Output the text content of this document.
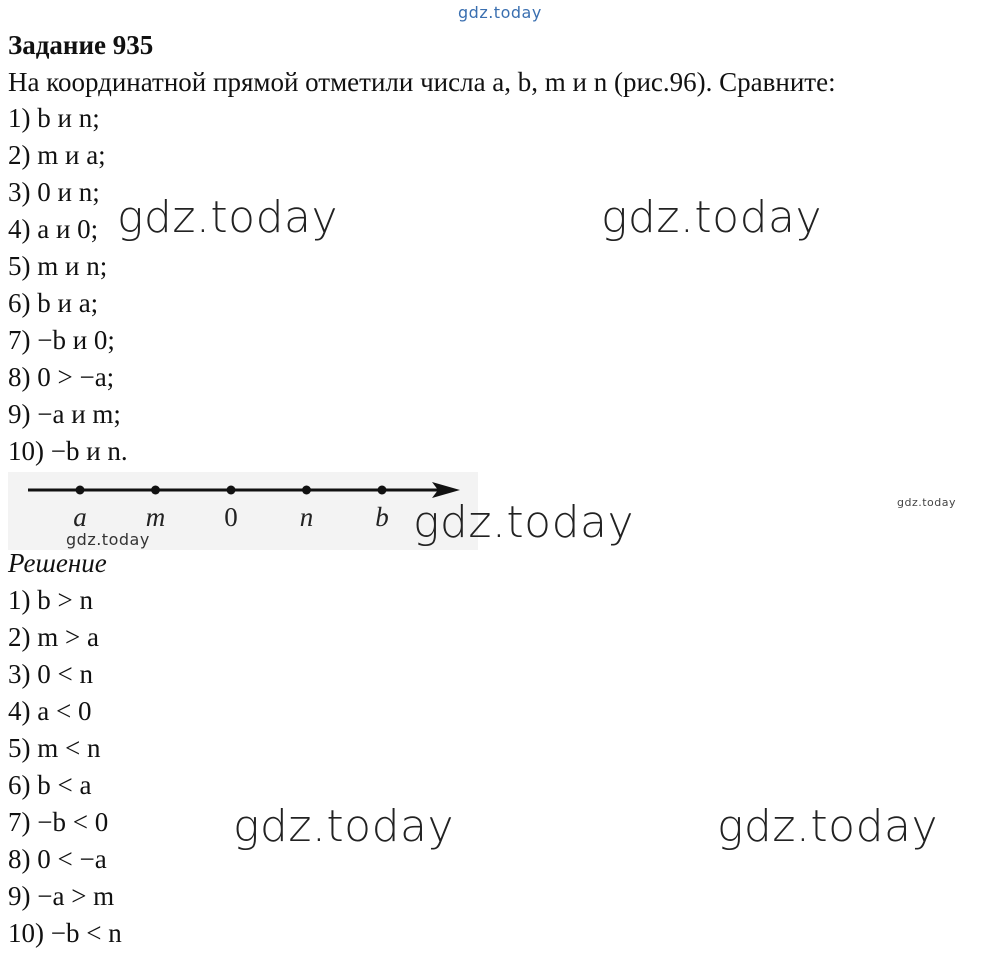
gdz.today
Задание 935
На координатной прямой отметили числа a, b, m и n (рис.96). Сравните:
1) b и n;
2) m и a;
3) 0 и n;
4) a и 0;
5) m и n;
6) b и a;
7) −b и 0;
8) 0 > −a;
9) −a и m;
10) −b и n.
a m 0 n b
Решение
1) b > n
2) m > a
3) 0 < n
4) a < 0
5) m < n
6) b < a
7) −b < 0
8) 0 < −a
9) −a > m
10) −b < n
gdz.today	gdz.today
gdz.today
gdz.today
gdz.today
gdz.today	gdz.today
